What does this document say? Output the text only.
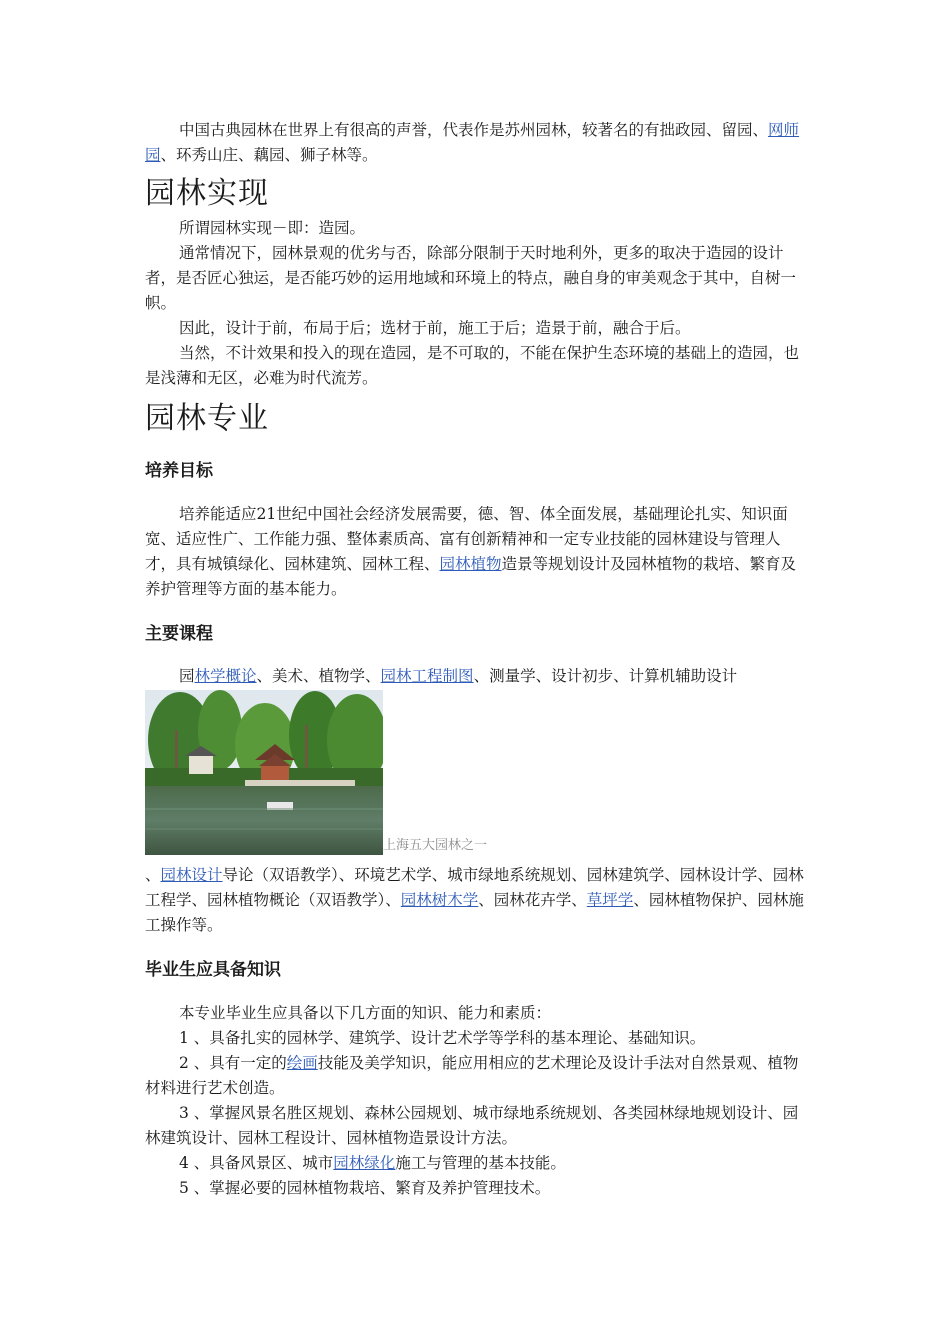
中国古典园林在世界上有很高的声誉，代表作是苏州园林，较著名的有拙政园、留园、网师园、环秀山庄、藕园、狮子林等。

园林实现

所谓园林实现－即：造园。

通常情况下，园林景观的优劣与否，除部分限制于天时地利外，更多的取决于造园的设计者，是否匠心独运，是否能巧妙的运用地域和环境上的特点，融自身的审美观念于其中，自树一帜。

因此，设计于前，布局于后；选材于前，施工于后；造景于前，融合于后。

当然，不计效果和投入的现在造园，是不可取的，不能在保护生态环境的基础上的造园，也是浅薄和无区，必难为时代流芳。

园林专业
培养目标

培养能适应21世纪中国社会经济发展需要，德、智、体全面发展，基础理论扎实、知识面宽、适应性广、工作能力强、整体素质高、富有创新精神和一定专业技能的园林建设与管理人才，具有城镇绿化、园林建筑、园林工程、园林植物造景等规划设计及园林植物的栽培、繁育及养护管理等方面的基本能力。

主要课程

园林学概论、美术、植物学、园林工程制图、测量学、设计初步、计算机辅助设计

上海五大园林之一

、园林设计导论（双语教学）、环境艺术学、城市绿地系统规划、园林建筑学、园林设计学、园林工程学、园林植物概论（双语教学）、园林树木学、园林花卉学、草坪学、园林植物保护、园林施工操作等。

毕业生应具备知识

本专业毕业生应具备以下几方面的知识、能力和素质：

1 、具备扎实的园林学、建筑学、设计艺术学等学科的基本理论、基础知识。

2 、具有一定的绘画技能及美学知识，能应用相应的艺术理论及设计手法对自然景观、植物材料进行艺术创造。

3 、掌握风景名胜区规划、森林公园规划、城市绿地系统规划、各类园林绿地规划设计、园林建筑设计、园林工程设计、园林植物造景设计方法。

4 、具备风景区、城市园林绿化施工与管理的基本技能。

5 、掌握必要的园林植物栽培、繁育及养护管理技术。
